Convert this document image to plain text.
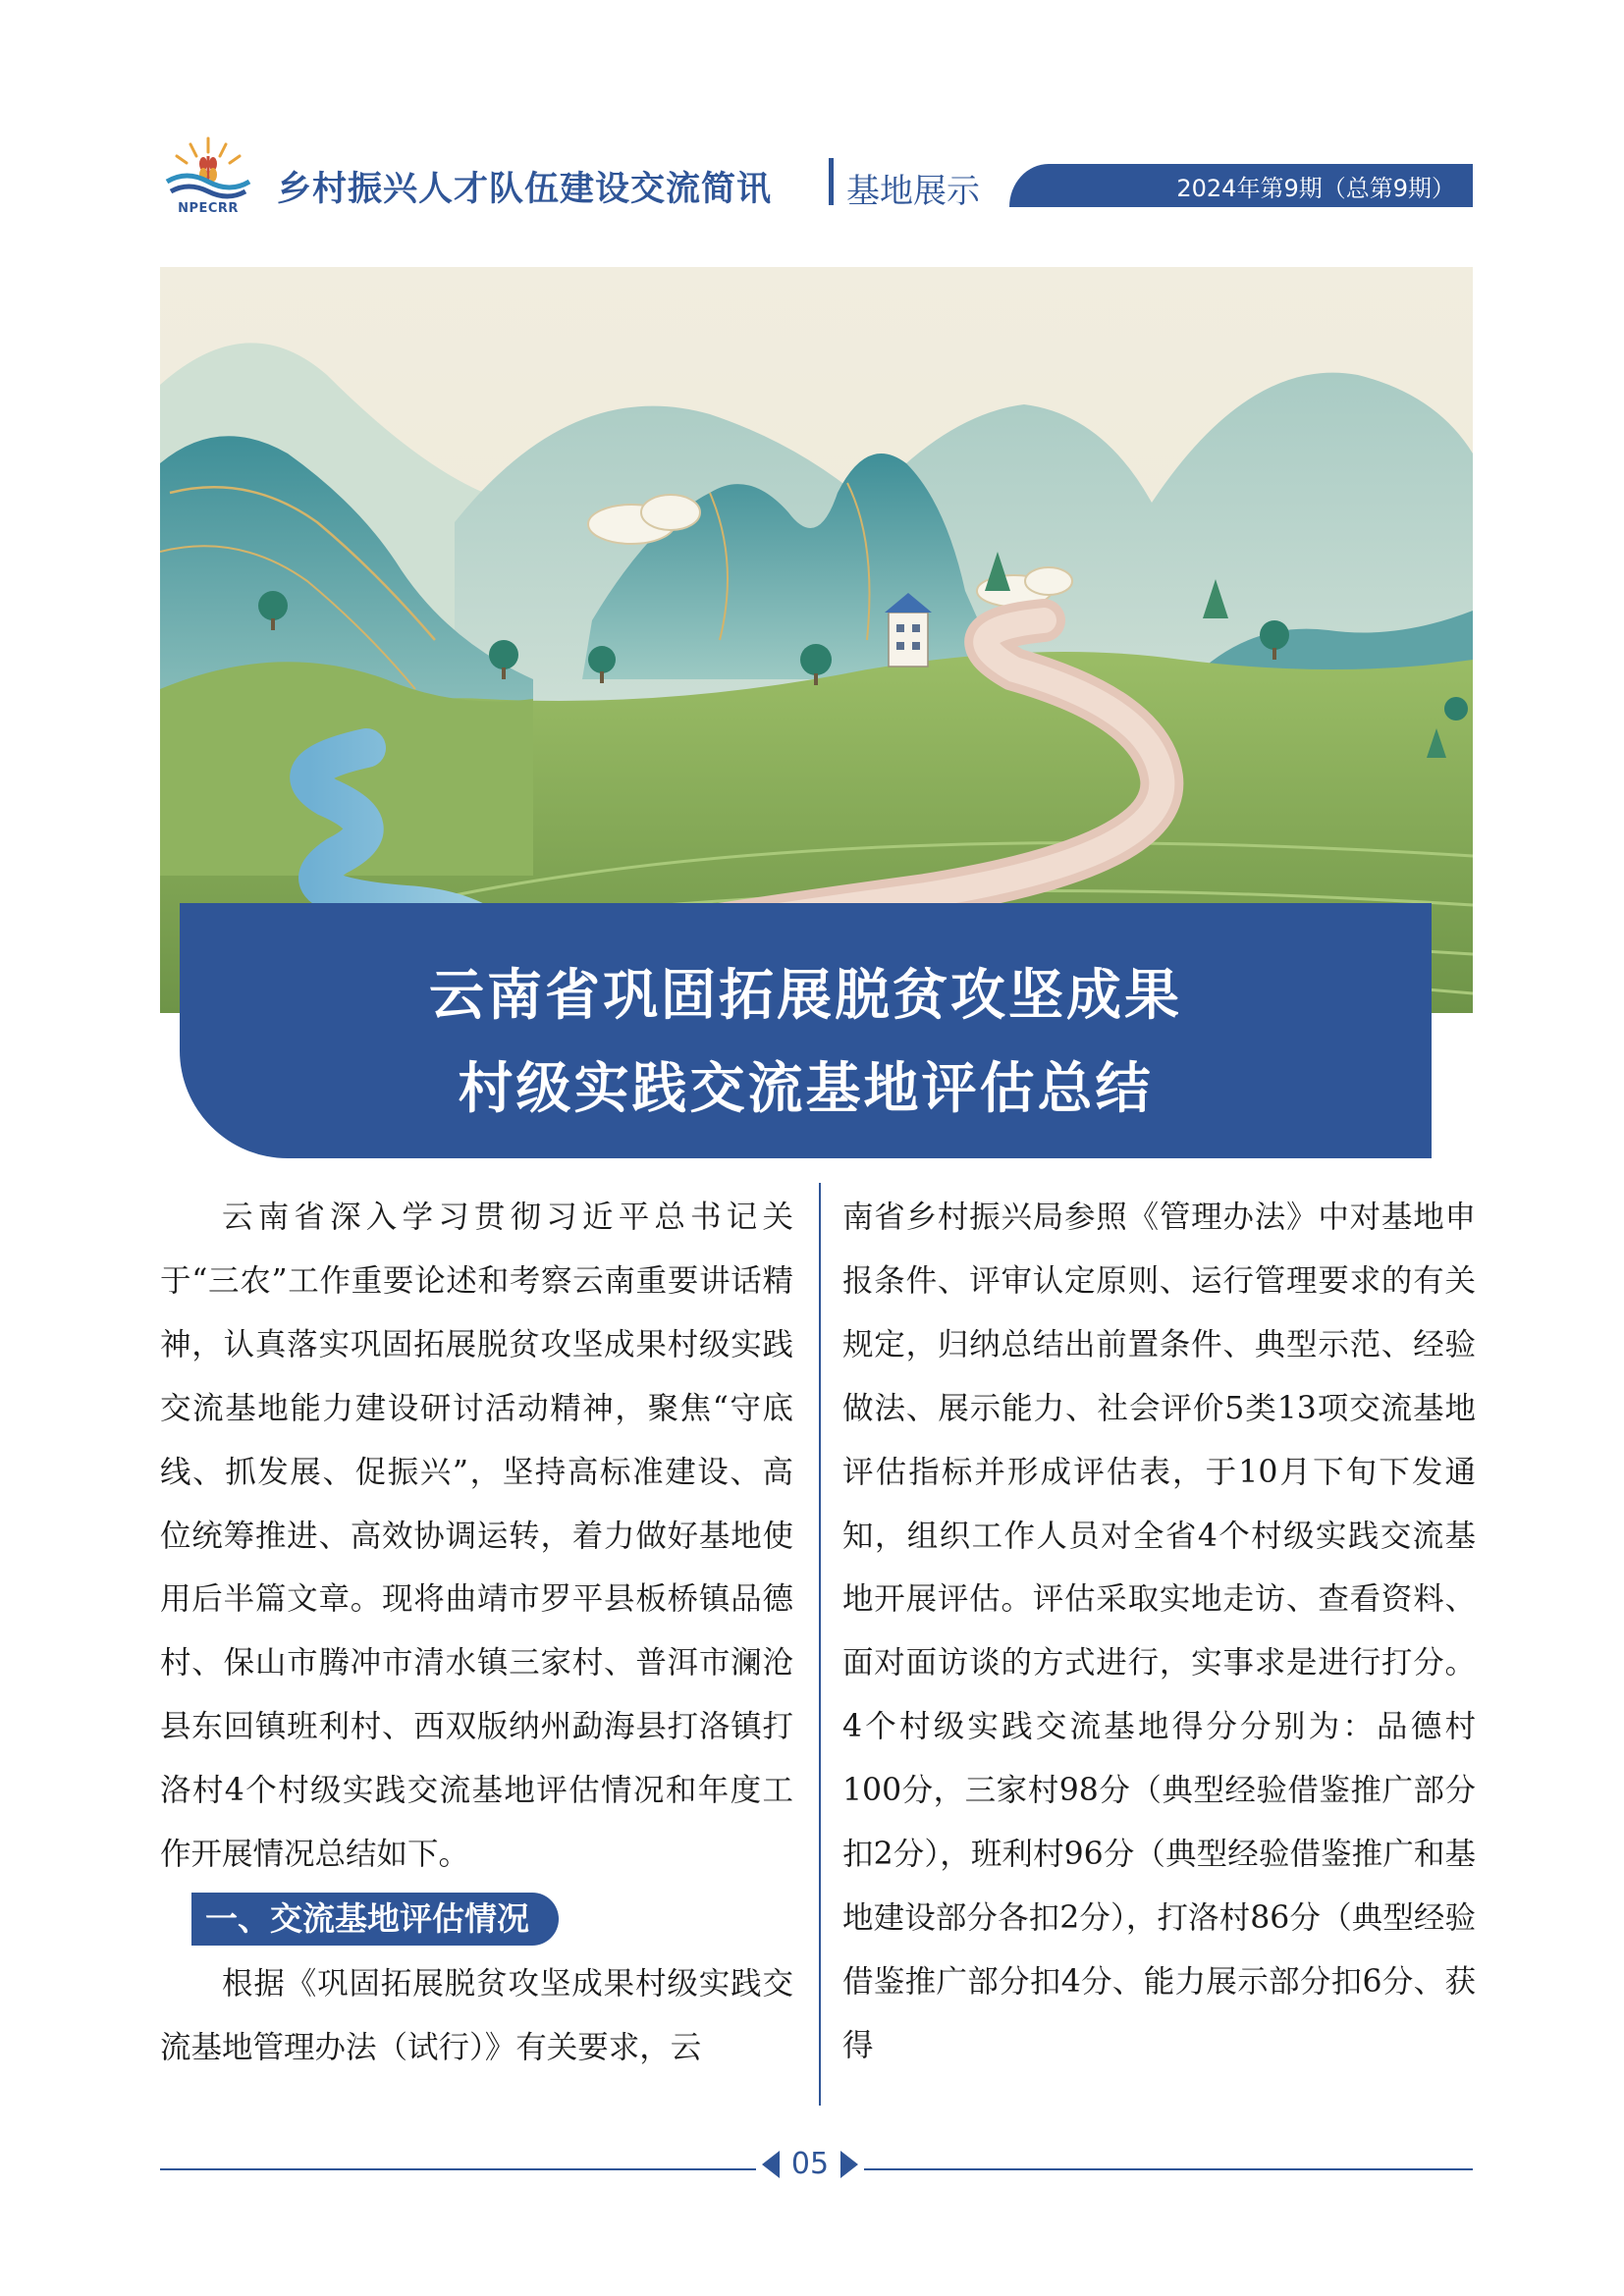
NPECRR	乡村振兴人才队伍建设交流简讯 基地展示	2024年第9期（总第9期）
云南省巩固拓展脱贫攻坚成果
村级实践交流基地评估总结

云南省深入学习贯彻习近平总书记关于“三农”工作重要论述和考察云南重要讲话精神，认真落实巩固拓展脱贫攻坚成果村级实践交流基地能力建设研讨活动精神，聚焦“守底线、抓发展、促振兴”，坚持高标准建设、高位统筹推进、高效协调运转，着力做好基地使用后半篇文章。现将曲靖市罗平县板桥镇品德村、保山市腾冲市清水镇三家村、普洱市澜沧县东回镇班利村、西双版纳州勐海县打洛镇打洛村4个村级实践交流基地评估情况和年度工作开展情况总结如下。

一、交流基地评估情况

根据《巩固拓展脱贫攻坚成果村级实践交流基地管理办法（试行）》有关要求，云

南省乡村振兴局参照《管理办法》中对基地申报条件、评审认定原则、运行管理要求的有关规定，归纳总结出前置条件、典型示范、经验做法、展示能力、社会评价5类13项交流基地评估指标并形成评估表，于10月下旬下发通知，组织工作人员对全省4个村级实践交流基地开展评估。评估采取实地走访、查看资料、面对面访谈的方式进行，实事求是进行打分。4个村级实践交流基地得分分别为：品德村100分，三家村98分（典型经验借鉴推广部分扣2分），班利村96分（典型经验借鉴推广和基地建设部分各扣2分），打洛村86分（典型经验借鉴推广部分扣4分、能力展示部分扣6分、获得

05
